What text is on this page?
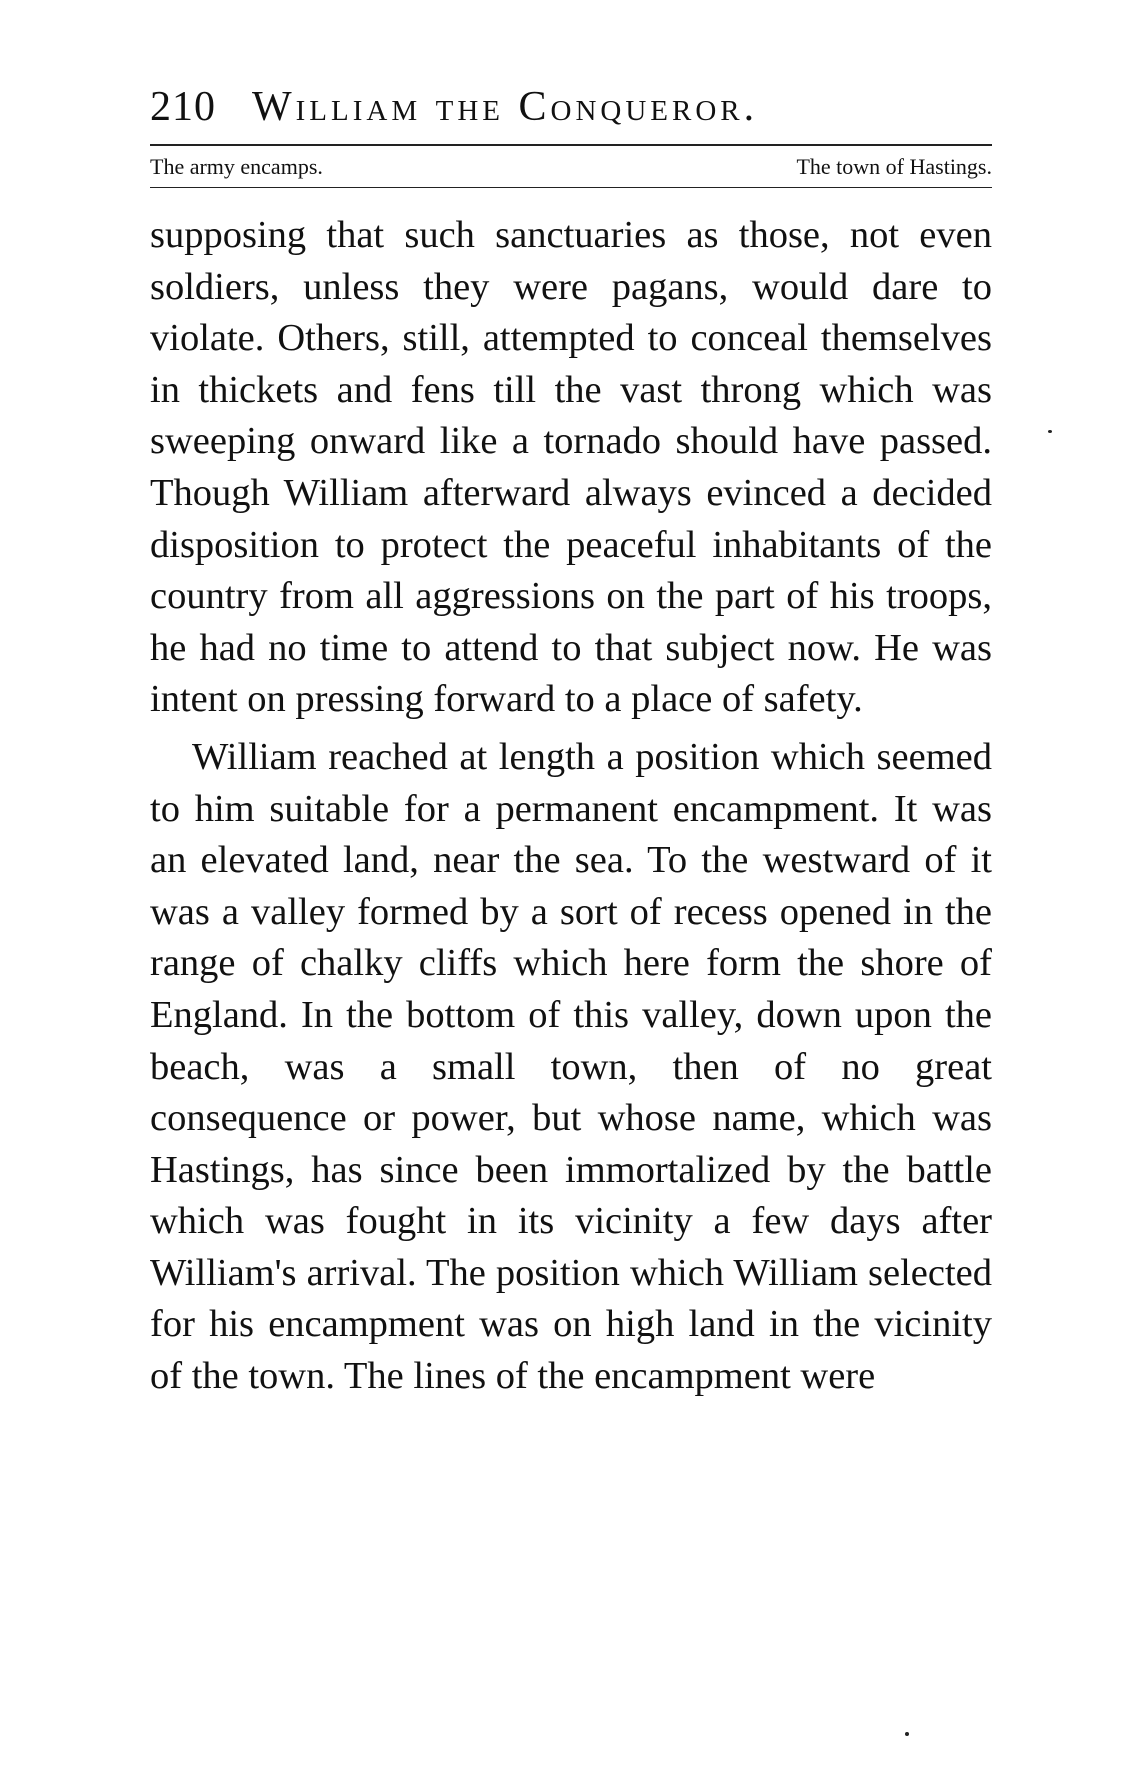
210 William the Conqueror.
The army encamps.	The town of Hastings.

supposing that such sanctuaries as those, not even soldiers, unless they were pagans, would dare to violate. Others, still, attempted to conceal themselves in thickets and fens till the vast throng which was sweeping onward like a tornado should have passed. Though William afterward always evinced a decided disposition to protect the peaceful inhabitants of the country from all aggressions on the part of his troops, he had no time to attend to that subject now. He was intent on pressing forward to a place of safety.

William reached at length a position which seemed to him suitable for a permanent encampment. It was an elevated land, near the sea. To the westward of it was a valley formed by a sort of recess opened in the range of chalky cliffs which here form the shore of England. In the bottom of this valley, down upon the beach, was a small town, then of no great consequence or power, but whose name, which was Hastings, has since been immortalized by the battle which was fought in its vicinity a few days after William's arrival. The position which William selected for his encampment was on high land in the vicinity of the town. The lines of the encampment were
